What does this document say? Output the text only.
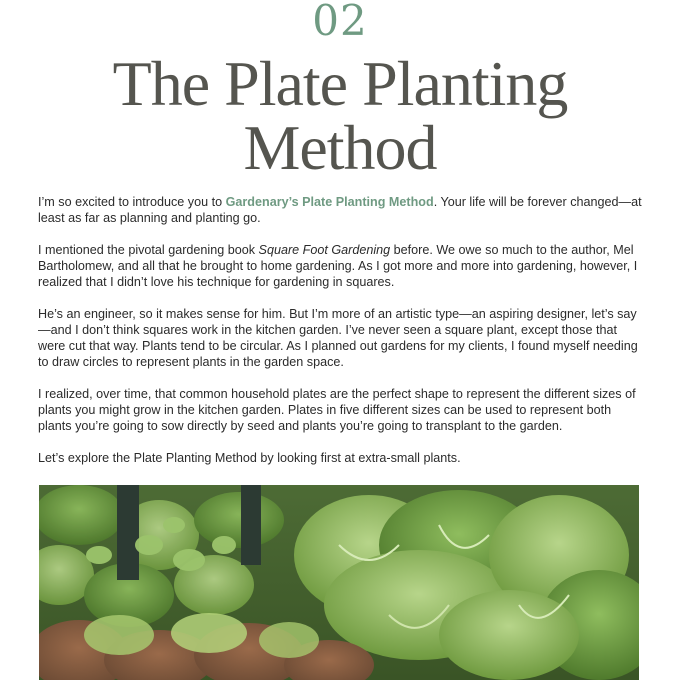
02
The Plate Planting
Method

I’m so excited to introduce you to Gardenary’s Plate Planting Method. Your life will be forever changed—at least as far as planning and planting go.

I mentioned the pivotal gardening book Square Foot Gardening before. We owe so much to the author, Mel Bartholomew, and all that he brought to home gardening. As I got more and more into gardening, however, I realized that I didn’t love his technique for gardening in squares.

He’s an engineer, so it makes sense for him. But I’m more of an artistic type—an aspiring designer, let’s say—and I don’t think squares work in the kitchen garden. I’ve never seen a square plant, except those that were cut that way. Plants tend to be circular. As I planned out gardens for my clients, I found myself needing to draw circles to represent plants in the garden space.

I realized, over time, that common household plates are the perfect shape to represent the different sizes of plants you might grow in the kitchen garden. Plates in five different sizes can be used to represent both plants you’re going to sow directly by seed and plants you’re going to transplant to the garden.

Let’s explore the Plate Planting Method by looking first at extra-small plants.
